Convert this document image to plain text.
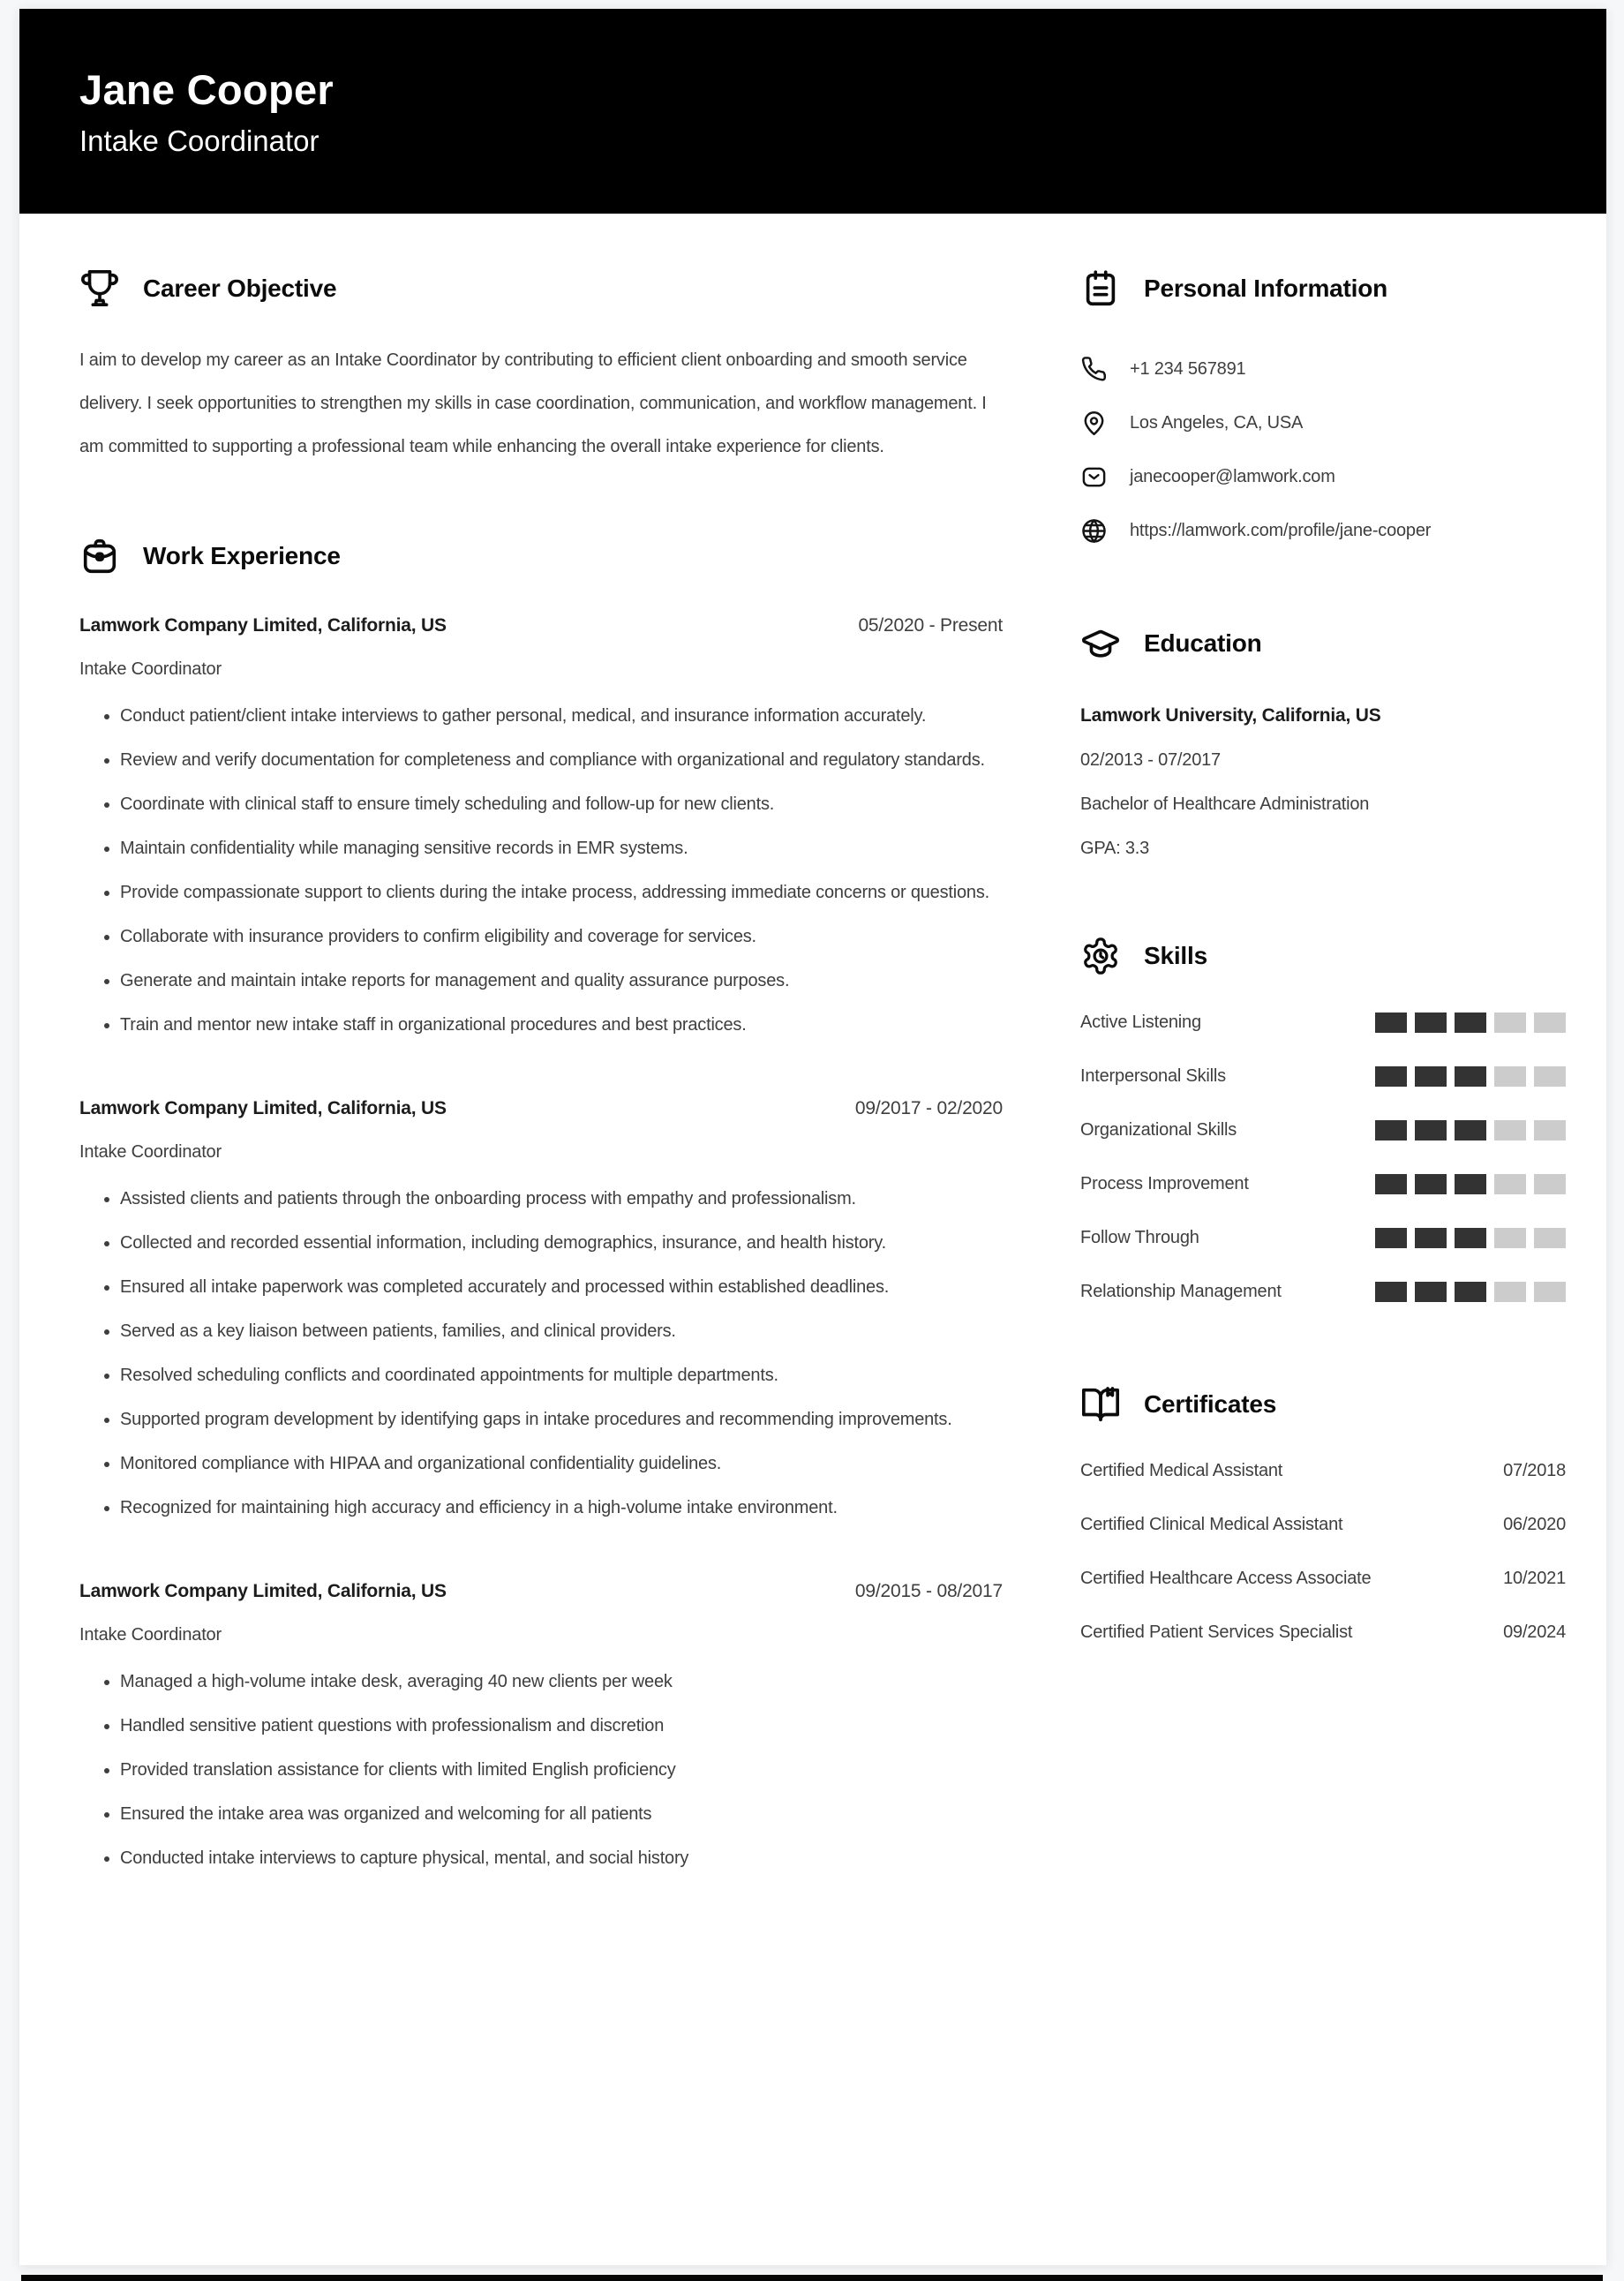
Jane Cooper
Intake Coordinator
Career Objective

I aim to develop my career as an Intake Coordinator by contributing to efficient client onboarding and smooth service delivery. I seek opportunities to strengthen my skills in case coordination, communication, and workflow management. I am committed to supporting a professional team while enhancing the overall intake experience for clients.

Work Experience
Lamwork Company Limited, California, US	05/2020 - Present
Intake Coordinator
• Conduct patient/client intake interviews to gather personal, medical, and insurance information accurately.
• Review and verify documentation for completeness and compliance with organizational and regulatory standards.
• Coordinate with clinical staff to ensure timely scheduling and follow-up for new clients.
• Maintain confidentiality while managing sensitive records in EMR systems.
• Provide compassionate support to clients during the intake process, addressing immediate concerns or questions.
• Collaborate with insurance providers to confirm eligibility and coverage for services.
• Generate and maintain intake reports for management and quality assurance purposes.
• Train and mentor new intake staff in organizational procedures and best practices.
Lamwork Company Limited, California, US	09/2017 - 02/2020
Intake Coordinator
• Assisted clients and patients through the onboarding process with empathy and professionalism.
• Collected and recorded essential information, including demographics, insurance, and health history.
• Ensured all intake paperwork was completed accurately and processed within established deadlines.
• Served as a key liaison between patients, families, and clinical providers.
• Resolved scheduling conflicts and coordinated appointments for multiple departments.
• Supported program development by identifying gaps in intake procedures and recommending improvements.
• Monitored compliance with HIPAA and organizational confidentiality guidelines.
• Recognized for maintaining high accuracy and efficiency in a high-volume intake environment.
Lamwork Company Limited, California, US	09/2015 - 08/2017
Intake Coordinator
• Managed a high-volume intake desk, averaging 40 new clients per week
• Handled sensitive patient questions with professionalism and discretion
• Provided translation assistance for clients with limited English proficiency
• Ensured the intake area was organized and welcoming for all patients
• Conducted intake interviews to capture physical, mental, and social history
Personal Information
+1 234 567891
Los Angeles, CA, USA
janecooper@lamwork.com
https://lamwork.com/profile/jane-cooper
Education
Lamwork University, California, US
02/2013 - 07/2017
Bachelor of Healthcare Administration
GPA: 3.3
Skills
Active Listening
Interpersonal Skills
Organizational Skills
Process Improvement
Follow Through
Relationship Management
Certificates
Certified Medical Assistant	07/2018
Certified Clinical Medical Assistant	06/2020
Certified Healthcare Access Associate	10/2021
Certified Patient Services Specialist	09/2024
